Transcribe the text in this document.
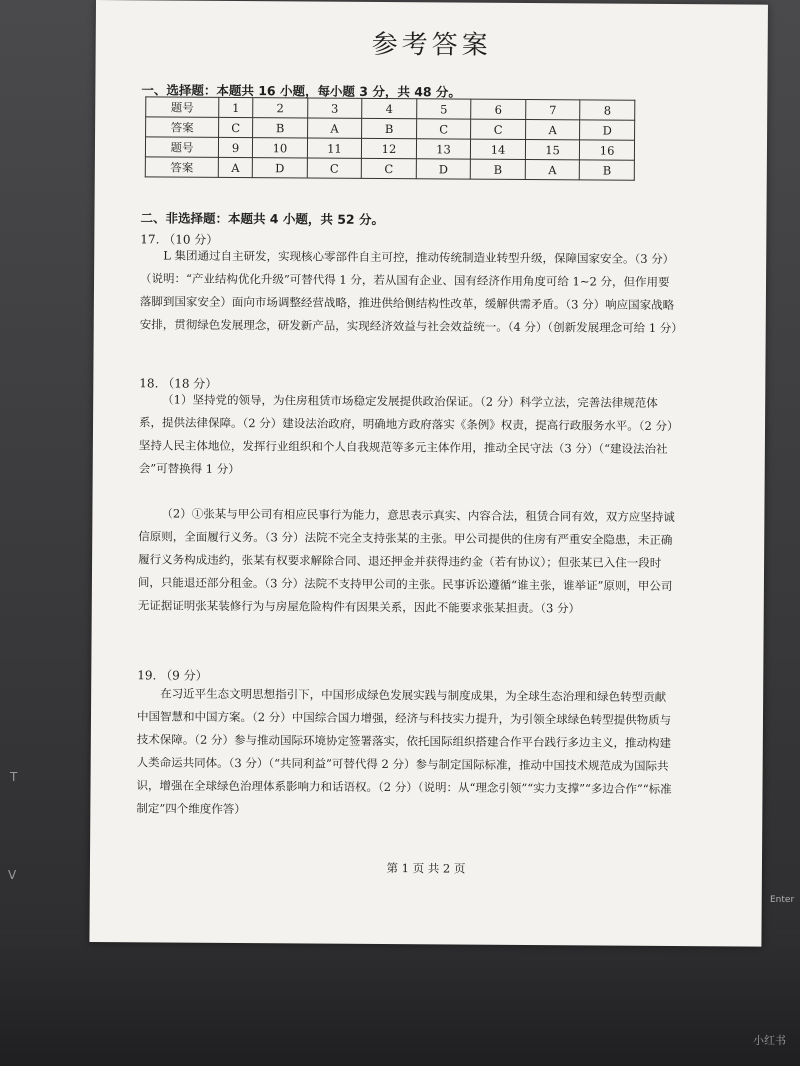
T
V
Enter
参考答案
一、选择题：本题共 16 小题，每小题 3 分，共 48 分。
题号	1	2	3	4	5	6	7	8
答案	C	B	A	B	C	C	A	D
题号	9	10	11	12	13	14	15	16
答案	A	D	C	C	D	B	A	B
二、非选择题：本题共 4 小题，共 52 分。
17. （10 分）
L 集团通过自主研发，实现核心零部件自主可控，推动传统制造业转型升级，保障国家安全。（3 分）（说明：“产业结构优化升级”可替代得 1 分，若从国有企业、国有经济作用角度可给 1~2 分，但作用要落脚到国家安全）面向市场调整经营战略，推进供给侧结构性改革，缓解供需矛盾。（3 分）响应国家战略安排，贯彻绿色发展理念，研发新产品，实现经济效益与社会效益统一。（4 分）（创新发展理念可给 1 分）
18. （18 分）
（1）坚持党的领导，为住房租赁市场稳定发展提供政治保证。（2 分）科学立法，完善法律规范体系，提供法律保障。（2 分）建设法治政府，明确地方政府落实《条例》权责，提高行政服务水平。（2 分）坚持人民主体地位，发挥行业组织和个人自我规范等多元主体作用，推动全民守法（3 分）（“建设法治社会”可替换得 1 分）
（2）①张某与甲公司有相应民事行为能力，意思表示真实、内容合法，租赁合同有效，双方应坚持诚信原则，全面履行义务。（3 分）法院不完全支持张某的主张。甲公司提供的住房有严重安全隐患，未正确履行义务构成违约，张某有权要求解除合同、退还押金并获得违约金（若有协议）；但张某已入住一段时间，只能退还部分租金。（3 分）法院不支持甲公司的主张。民事诉讼遵循“谁主张，谁举证”原则，甲公司无证据证明张某装修行为与房屋危险构件有因果关系，因此不能要求张某担责。（3 分）
19. （9 分）
在习近平生态文明思想指引下，中国形成绿色发展实践与制度成果，为全球生态治理和绿色转型贡献中国智慧和中国方案。（2 分）中国综合国力增强，经济与科技实力提升，为引领全球绿色转型提供物质与技术保障。（2 分）参与推动国际环境协定签署落实，依托国际组织搭建合作平台践行多边主义，推动构建人类命运共同体。（3 分）（“共同利益”可替代得 2 分）参与制定国际标准，推动中国技术规范成为国际共识，增强在全球绿色治理体系影响力和话语权。（2 分）（说明：从“理念引领”“实力支撑”“多边合作”“标准制定”四个维度作答）
第 1 页 共 2 页
小红书
